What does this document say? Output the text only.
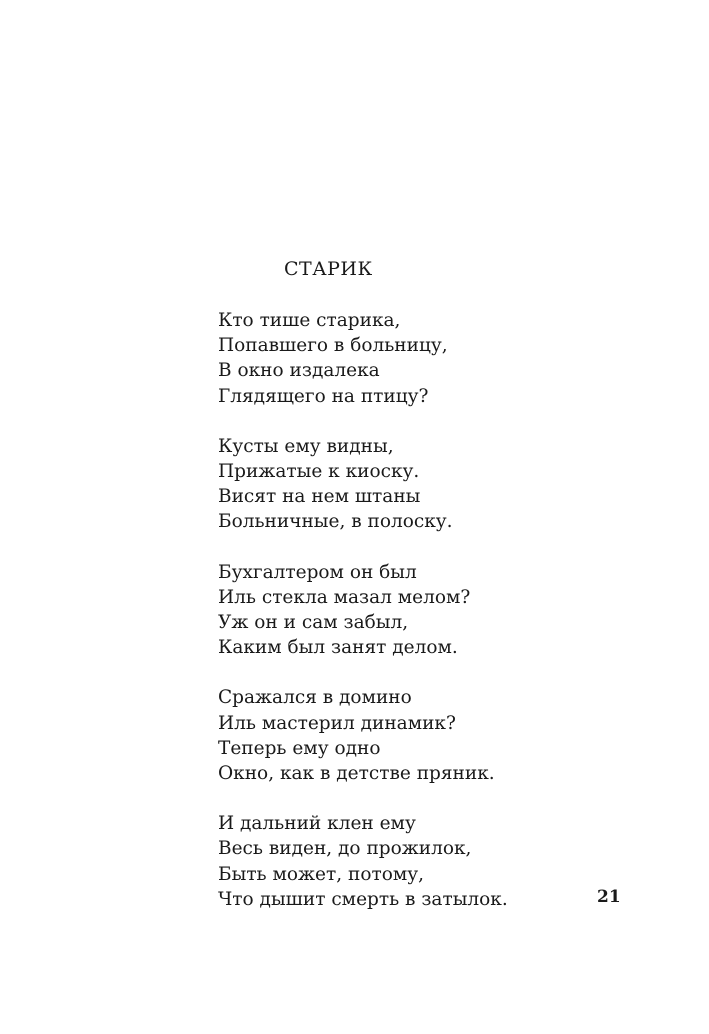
СТАРИК
Кто тише старика,
Попавшего в больницу,
В окно издалека
Глядящего на птицу?
Кусты ему видны,
Прижатые к киоску.
Висят на нем штаны
Больничные, в полоску.
Бухгалтером он был
Иль стекла мазал мелом?
Уж он и сам забыл,
Каким был занят делом.
Сражался в домино
Иль мастерил динамик?
Теперь ему одно
Окно, как в детстве пряник.
И дальний клен ему
Весь виден, до прожилок,
Быть может, потому,
Что дышит смерть в затылок.	21
